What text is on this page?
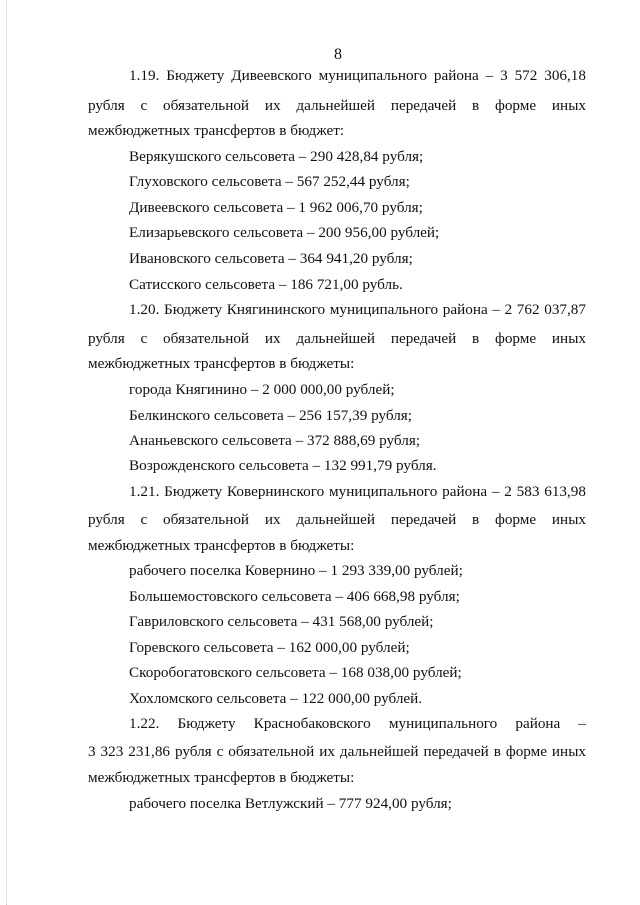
8
1.19. Бюджету Дивеевского муниципального района – 3 572 306,18
рубля с обязательной их дальнейшей передачей в форме иных
межбюджетных трансфертов в бюджет:
Верякушского сельсовета – 290 428,84 рубля;
Глуховского сельсовета – 567 252,44 рубля;
Дивеевского сельсовета – 1 962 006,70 рубля;
Елизарьевского сельсовета – 200 956,00 рублей;
Ивановского сельсовета – 364 941,20 рубля;
Сатисского сельсовета – 186 721,00 рубль.
1.20. Бюджету Княгининского муниципального района – 2 762 037,87
рубля с обязательной их дальнейшей передачей в форме иных
межбюджетных трансфертов в бюджеты:
города Княгинино – 2 000 000,00 рублей;
Белкинского сельсовета – 256 157,39 рубля;
Ананьевского сельсовета – 372 888,69 рубля;
Возрожденского сельсовета – 132 991,79 рубля.
1.21. Бюджету Ковернинского муниципального района – 2 583 613,98
рубля с обязательной их дальнейшей передачей в форме иных
межбюджетных трансфертов в бюджеты:
рабочего поселка Ковернино – 1 293 339,00 рублей;
Большемостовского сельсовета – 406 668,98 рубля;
Гавриловского сельсовета – 431 568,00 рублей;
Горевского сельсовета – 162 000,00 рублей;
Скоробогатовского сельсовета – 168 038,00 рублей;
Хохломского сельсовета – 122 000,00 рублей.
1.22. Бюджету Краснобаковского муниципального района –
3 323 231,86 рубля с обязательной их дальнейшей передачей в форме иных
межбюджетных трансфертов в бюджеты:
рабочего поселка Ветлужский – 777 924,00 рубля;
